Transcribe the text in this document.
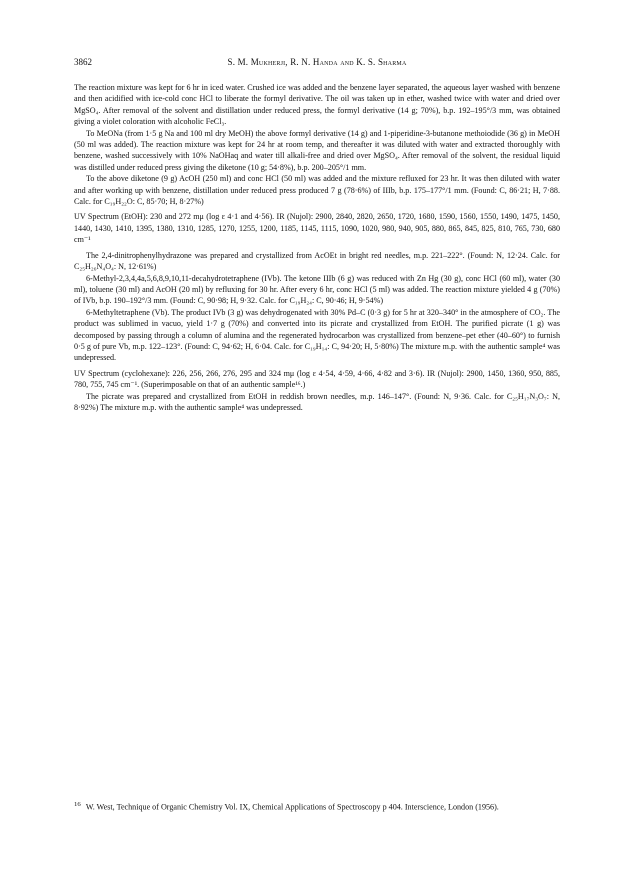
3862	S. M. Mukherji, R. N. Handa and K. S. Sharma

The reaction mixture was kept for 6 hr in iced water. Crushed ice was added and the benzene layer separated, the aqueous layer washed with benzene and then acidified with ice-cold conc HCl to liberate the formyl derivative. The oil was taken up in ether, washed twice with water and dried over MgSO₄. After removal of the solvent and distillation under reduced press, the formyl derivative (14 g; 70%), b.p. 192–195°/3 mm, was obtained giving a violet coloration with alcoholic FeCl₃.

To MeONa (from 1·5 g Na and 100 ml dry MeOH) the above formyl derivative (14 g) and 1-piperidine-3-butanone methoiodide (36 g) in MeOH (50 ml was added). The reaction mixture was kept for 24 hr at room temp, and thereafter it was diluted with water and extracted thoroughly with benzene, washed successively with 10% NaOHaq and water till alkali-free and dried over MgSO₄. After removal of the solvent, the residual liquid was distilled under reduced press giving the diketone (10 g; 54·8%), b.p. 200–205°/1 mm.

To the above diketone (9 g) AcOH (250 ml) and conc HCl (50 ml) was added and the mixture refluxed for 23 hr. It was then diluted with water and after working up with benzene, distillation under reduced press produced 7 g (78·6%) of IIIb, b.p. 175–177°/1 mm. (Found: C, 86·21; H, 7·88. Calc. for C₁₉H₂₂O: C, 85·70; H, 8·27%)

UV Spectrum (EtOH): 230 and 272 mμ (log ε 4·1 and 4·56). IR (Nujol): 2900, 2840, 2820, 2650, 1720, 1680, 1590, 1560, 1550, 1490, 1475, 1450, 1440, 1430, 1410, 1395, 1380, 1310, 1285, 1270, 1255, 1200, 1185, 1145, 1115, 1090, 1020, 980, 940, 905, 880, 865, 845, 825, 810, 765, 730, 680 cm⁻¹

The 2,4-dinitrophenylhydrazone was prepared and crystallized from AcOEt in bright red needles, m.p. 221–222°. (Found: N, 12·24. Calc. for C₂₅H₂₆N₄O₄: N, 12·61%)

6-Methyl-2,3,4,4a,5,6,8,9,10,11-decahydrotetraphene (IVb). The ketone IIIb (6 g) was reduced with Zn Hg (30 g), conc HCl (60 ml), water (30 ml), toluene (30 ml) and AcOH (20 ml) by refluxing for 30 hr. After every 6 hr, conc HCl (5 ml) was added. The reaction mixture yielded 4 g (70%) of IVb, b.p. 190–192°/3 mm. (Found: C, 90·98; H, 9·32. Calc. for C₁₉H₂₄: C, 90·46; H, 9·54%)

6-Methyltetraphene (Vb). The product IVb (3 g) was dehydrogenated with 30% Pd–C (0·3 g) for 5 hr at 320–340° in the atmosphere of CO₂. The product was sublimed in vacuo, yield 1·7 g (70%) and converted into its picrate and crystallized from EtOH. The purified picrate (1 g) was decomposed by passing through a column of alumina and the regenerated hydrocarbon was crystallized from benzene–pet ether (40–60°) to furnish 0·5 g of pure Vb, m.p. 122–123°. (Found: C, 94·62; H, 6·04. Calc. for C₁₉H₁₄: C, 94·20; H, 5·80%) The mixture m.p. with the authentic sample⁴ was undepressed.

UV Spectrum (cyclohexane): 226, 256, 266, 276, 295 and 324 mμ (log ε 4·54, 4·59, 4·66, 4·82 and 3·6). IR (Nujol): 2900, 1450, 1360, 950, 885, 780, 755, 745 cm⁻¹. (Superimposable on that of an authentic sample¹⁶.)

The picrate was prepared and crystallized from EtOH in reddish brown needles, m.p. 146–147°. (Found: N, 9·36. Calc. for C₂₅H₁₇N₃O₇: N, 8·92%) The mixture m.p. with the authentic sample⁴ was undepressed.

$^{16}$ W. West, Technique of Organic Chemistry Vol. IX, Chemical Applications of Spectroscopy p 404. Interscience, London (1956).
